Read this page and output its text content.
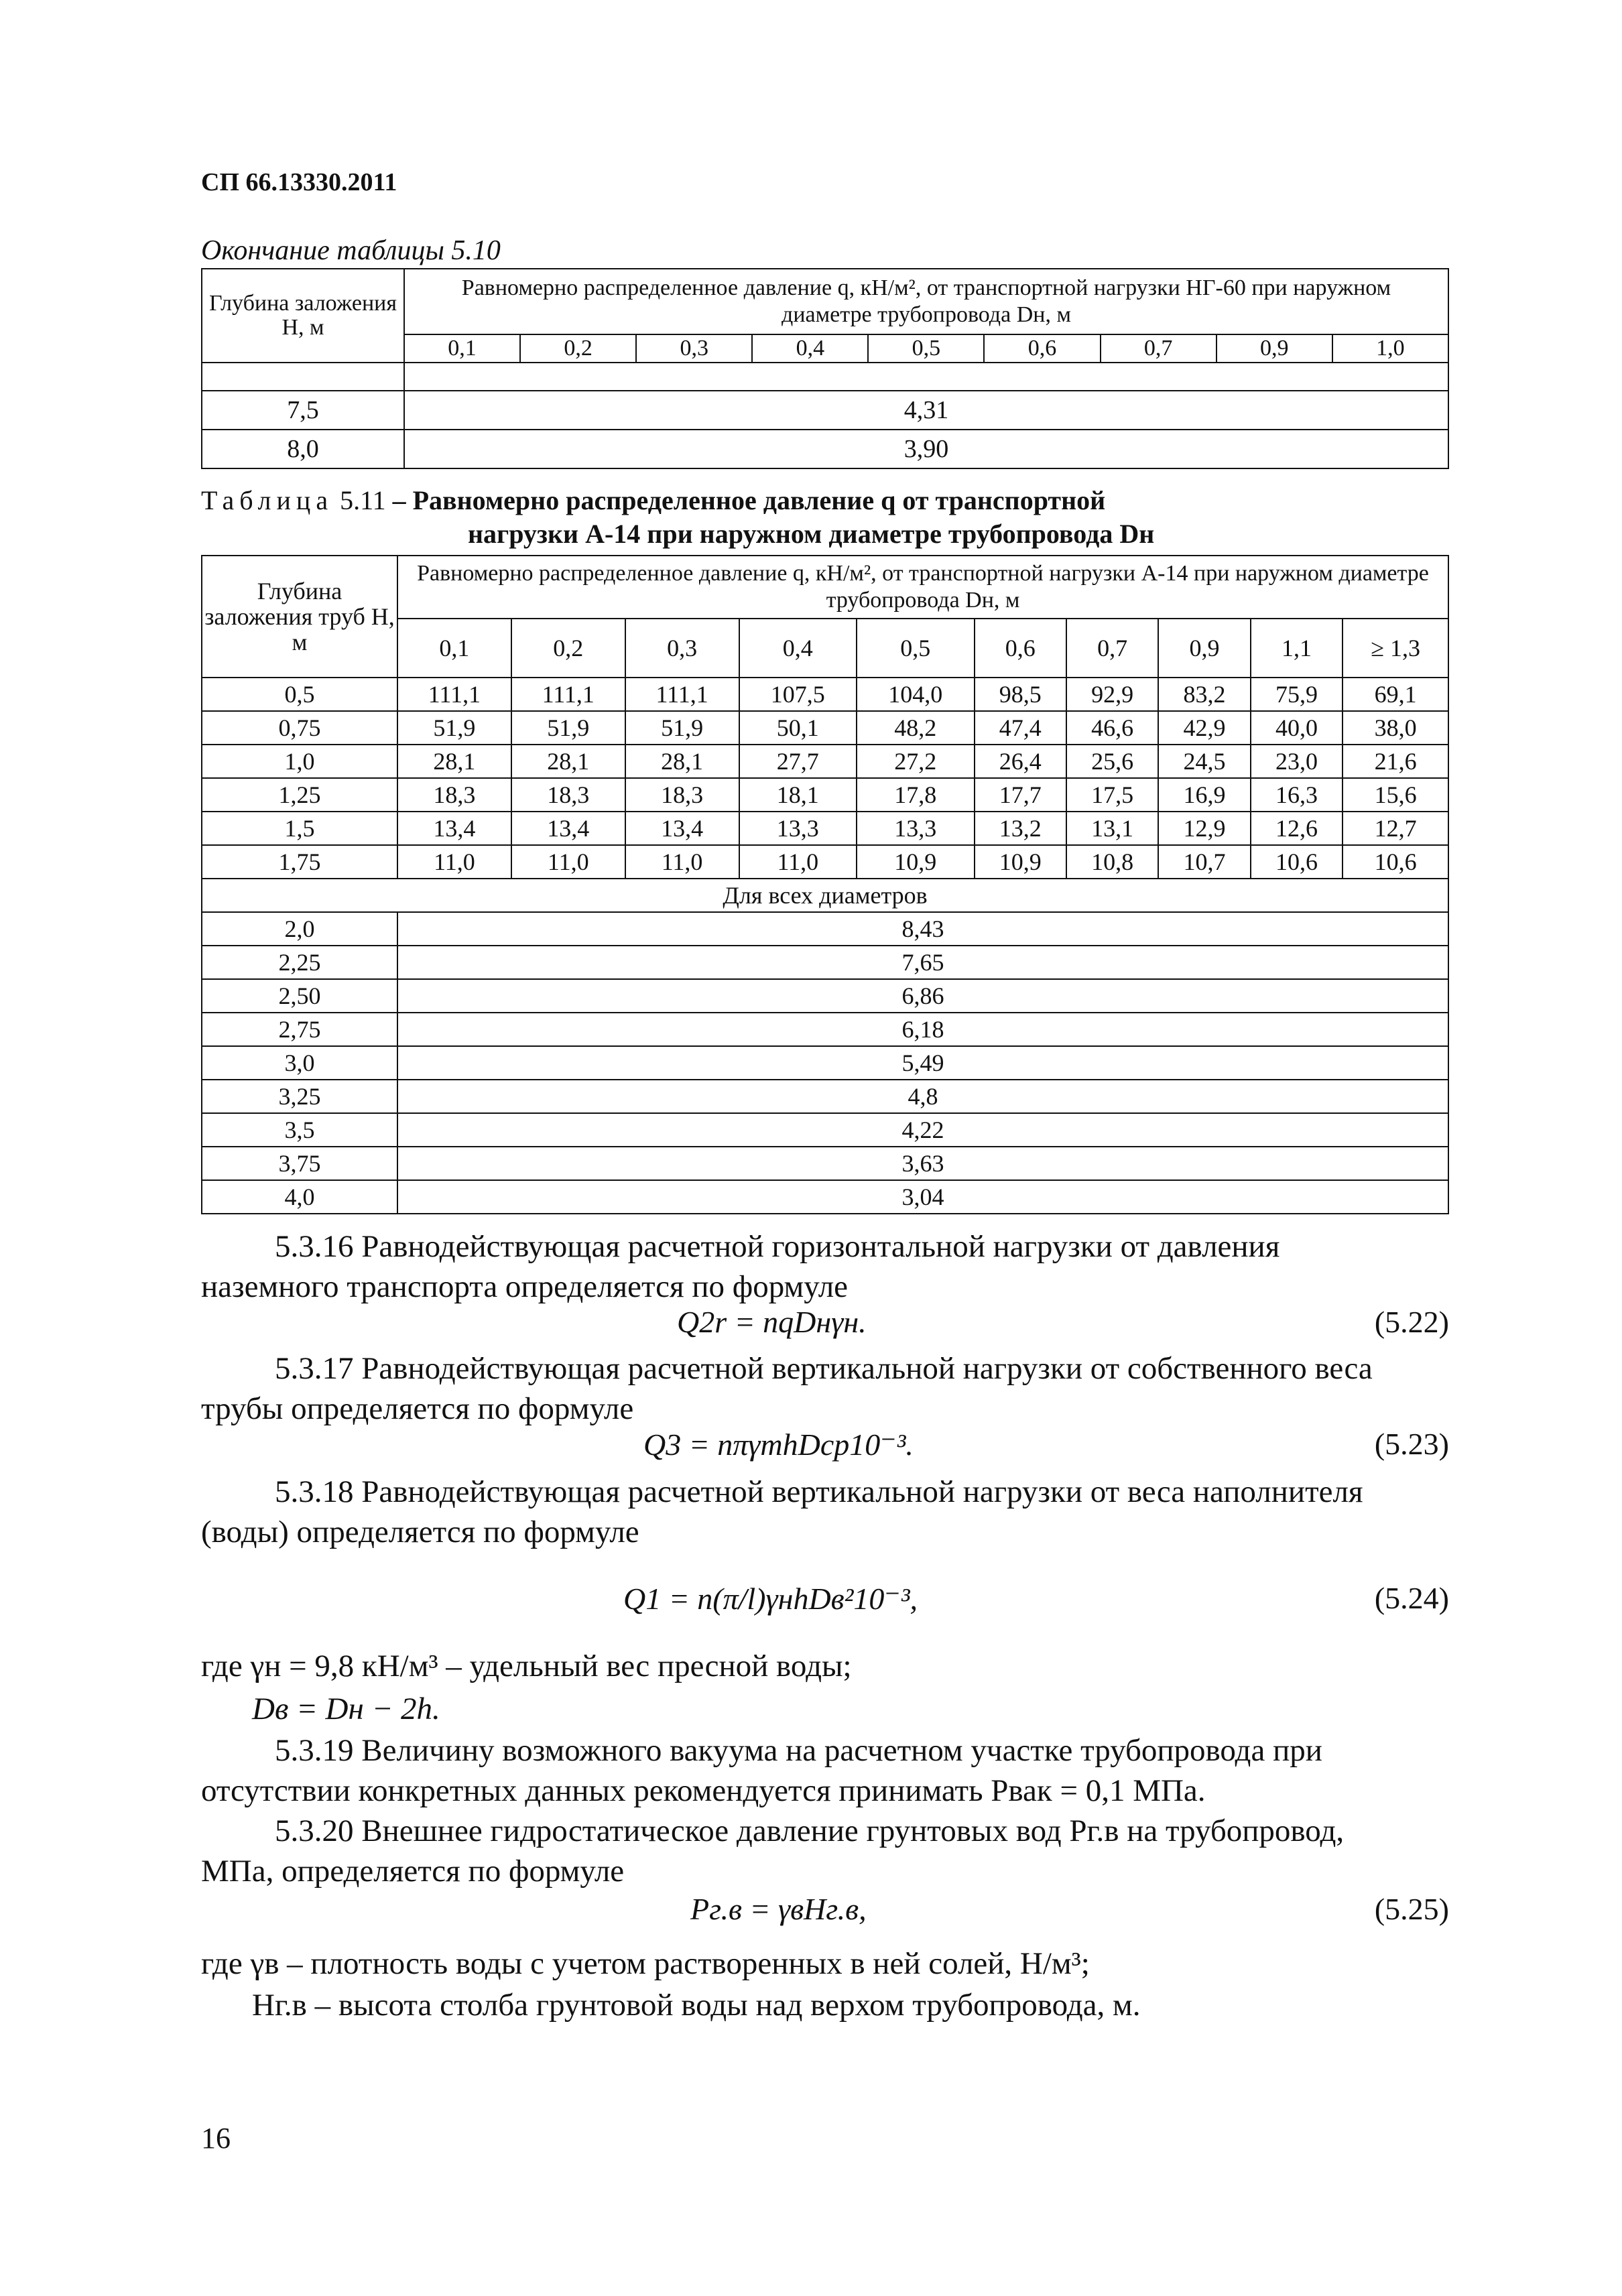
СП 66.13330.2011
Окончание таблицы 5.10
Глубина заложения H, м	Равномерно распределенное давление q, кН/м², от транспортной нагрузки НГ-60 при наружном диаметре трубопровода Dн, м								
	0,1	0,2	0,3	0,4	0,5	0,6	0,7	0,9	1,0

7,5	4,31								
8,0	3,90								
Таблица 5.11 – Равномерно распределенное давление q от транспортной
нагрузки А-14 при наружном диаметре трубопровода Dн
Глубина заложения труб H, м	Равномерно распределенное давление q, кН/м², от транспортной нагрузки А-14 при наружном диаметре трубопровода Dн, м									
	0,1	0,2	0,3	0,4	0,5	0,6	0,7	0,9	1,1	≥ 1,3
0,5	111,1	111,1	111,1	107,5	104,0	98,5	92,9	83,2	75,9	69,1
0,75	51,9	51,9	51,9	50,1	48,2	47,4	46,6	42,9	40,0	38,0
1,0	28,1	28,1	28,1	27,7	27,2	26,4	25,6	24,5	23,0	21,6
1,25	18,3	18,3	18,3	18,1	17,8	17,7	17,5	16,9	16,3	15,6
1,5	13,4	13,4	13,4	13,3	13,3	13,2	13,1	12,9	12,6	12,7
1,75	11,0	11,0	11,0	11,0	10,9	10,9	10,8	10,7	10,6	10,6
Для всех диаметров										
2,0	8,43									
2,25	7,65									
2,50	6,86									
2,75	6,18									
3,0	5,49									
3,25	4,8									
3,5	4,22									
3,75	3,63									
4,0	3,04									
5.3.16 Равнодействующая расчетной горизонтальной нагрузки от давления
наземного транспорта определяется по формуле
Q2r = nqDнγн.	(5.22)
5.3.17 Равнодействующая расчетной вертикальной нагрузки от собственного веса
трубы определяется по формуле
Q3 = nπγтhDср10⁻³.	(5.23)
5.3.18 Равнодействующая расчетной вертикальной нагрузки от веса наполнителя
(воды) определяется по формуле
Q1 = n(π/l)γнhDв²10⁻³,	(5.24)
где γн = 9,8 кН/м³ – удельный вес пресной воды;
Dв = Dн − 2h.
5.3.19 Величину возможного вакуума на расчетном участке трубопровода при
отсутствии конкретных данных рекомендуется принимать Pвак = 0,1 МПа.
5.3.20 Внешнее гидростатическое давление грунтовых вод Pг.в на трубопровод,
МПа, определяется по формуле
Pг.в = γвHг.в,	(5.25)
где γв – плотность воды с учетом растворенных в ней солей, Н/м³;
Hг.в – высота столба грунтовой воды над верхом трубопровода, м.
16
